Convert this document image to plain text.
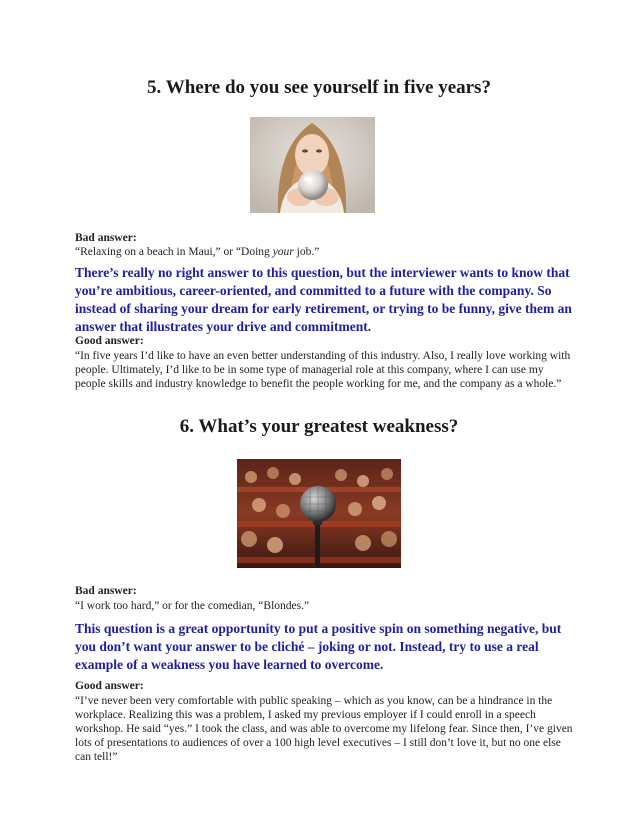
5. Where do you see yourself in five years?
Bad answer:
“Relaxing on a beach in Maui,” or “Doing your job.”
There’s really no right answer to this question, but the interviewer wants to know that you’re ambitious, career-oriented, and committed to a future with the company. So instead of sharing your dream for early retirement, or trying to be funny, give them an answer that illustrates your drive and commitment.
Good answer:
“In five years I’d like to have an even better understanding of this industry. Also, I really love working with people. Ultimately, I’d like to be in some type of managerial role at this company, where I can use my people skills and industry knowledge to benefit the people working for me, and the company as a whole.”
6. What’s your greatest weakness?
Bad answer:
“I work too hard,” or for the comedian, “Blondes.”
This question is a great opportunity to put a positive spin on something negative, but you don’t want your answer to be cliché – joking or not. Instead, try to use a real example of a weakness you have learned to overcome.
Good answer:
“I’ve never been very comfortable with public speaking – which as you know, can be a hindrance in the workplace. Realizing this was a problem, I asked my previous employer if I could enroll in a speech workshop. He said “yes.” I took the class, and was able to overcome my lifelong fear. Since then, I’ve given lots of presentations to audiences of over a 100 high level executives – I still don’t love it, but no one else can tell!”
